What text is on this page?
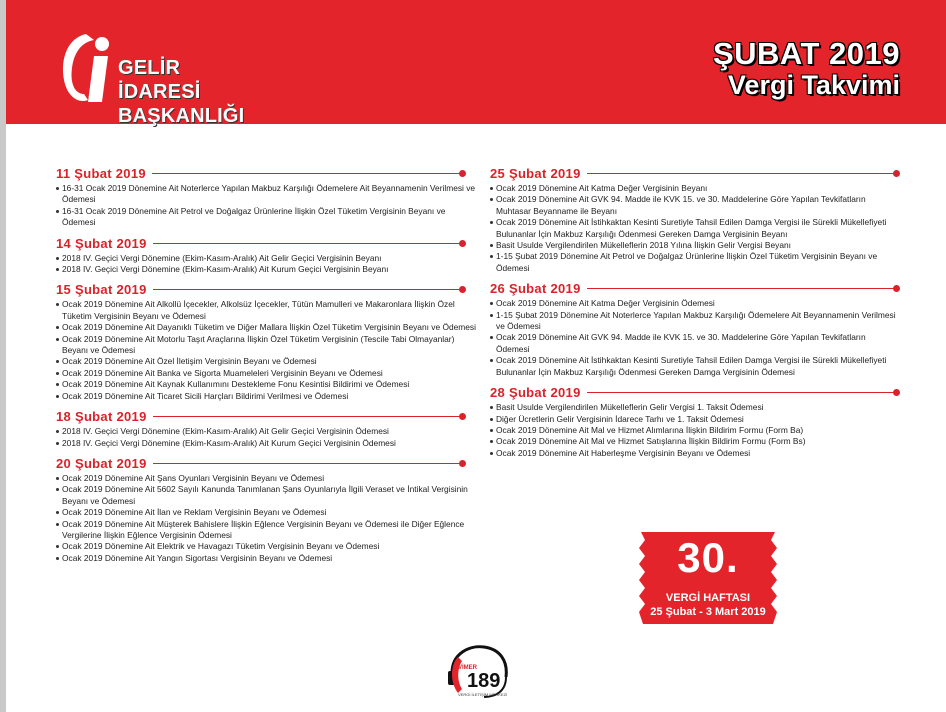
GELİR İDARESİ
BAŞKANLIĞI
ŞUBAT 2019
Vergi Takvimi
11 Şubat 2019
16-31 Ocak 2019 Dönemine Ait Noterlerce Yapılan Makbuz Karşılığı Ödemelere Ait Beyannamenin Verilmesi ve Ödemesi
16-31 Ocak 2019 Dönemine Ait Petrol ve Doğalgaz Ürünlerine İlişkin Özel Tüketim Vergisinin Beyanı ve Ödemesi
14 Şubat 2019
2018 IV. Geçici Vergi Dönemine (Ekim-Kasım-Aralık) Ait Gelir Geçici Vergisinin Beyanı
2018 IV. Geçici Vergi Dönemine (Ekim-Kasım-Aralık) Ait Kurum Geçici Vergisinin Beyanı
15 Şubat 2019
Ocak 2019 Dönemine Ait Alkollü İçecekler, Alkolsüz İçecekler, Tütün Mamulleri ve Makaronlara İlişkin Özel Tüketim Vergisinin Beyanı ve Ödemesi
Ocak 2019 Dönemine Ait Dayanıklı Tüketim ve Diğer Mallara İlişkin Özel Tüketim Vergisinin Beyanı ve Ödemesi
Ocak 2019 Dönemine Ait Motorlu Taşıt Araçlarına İlişkin Özel Tüketim Vergisinin (Tescile Tabi Olmayanlar) Beyanı ve Ödemesi
Ocak 2019 Dönemine Ait Özel İletişim Vergisinin Beyanı ve Ödemesi
Ocak 2019 Dönemine Ait Banka ve Sigorta Muameleleri Vergisinin Beyanı ve Ödemesi
Ocak 2019 Dönemine Ait Kaynak Kullanımını Destekleme Fonu Kesintisi Bildirimi ve Ödemesi
Ocak 2019 Dönemine Ait Ticaret Sicili Harçları Bildirimi Verilmesi ve Ödemesi
18 Şubat 2019
2018 IV. Geçici Vergi Dönemine (Ekim-Kasım-Aralık) Ait Gelir Geçici Vergisinin Ödemesi
2018 IV. Geçici Vergi Dönemine (Ekim-Kasım-Aralık) Ait Kurum Geçici Vergisinin Ödemesi
20 Şubat 2019
Ocak 2019 Dönemine Ait Şans Oyunları Vergisinin Beyanı ve Ödemesi
Ocak 2019 Dönemine Ait 5602 Sayılı Kanunda Tanımlanan Şans Oyunlarıyla İlgili Veraset ve İntikal Vergisinin Beyanı ve Ödemesi
Ocak 2019 Dönemine Ait İlan ve Reklam Vergisinin Beyanı ve Ödemesi
Ocak 2019 Dönemine Ait Müşterek Bahislere İlişkin Eğlence Vergisinin Beyanı ve Ödemesi ile Diğer Eğlence Vergilerine İlişkin Eğlence Vergisinin Ödemesi
Ocak 2019 Dönemine Ait Elektrik ve Havagazı Tüketim Vergisinin Beyanı ve Ödemesi
Ocak 2019 Dönemine Ait Yangın Sigortası Vergisinin Beyanı ve Ödemesi
25 Şubat 2019
Ocak 2019 Dönemine Ait Katma Değer Vergisinin Beyanı
Ocak 2019 Dönemine Ait GVK 94. Madde ile KVK 15. ve 30. Maddelerine Göre Yapılan Tevkifatların Muhtasar Beyanname ile Beyanı
Ocak 2019 Dönemine Ait İstihkaktan Kesinti Suretiyle Tahsil Edilen Damga Vergisi ile Sürekli Mükellefiyeti Bulunanlar İçin Makbuz Karşılığı Ödenmesi Gereken Damga Vergisinin Beyanı
Basit Usulde Vergilendirilen Mükelleflerin 2018 Yılına İlişkin Gelir Vergisi Beyanı
1-15 Şubat 2019 Dönemine Ait Petrol ve Doğalgaz Ürünlerine İlişkin Özel Tüketim Vergisinin Beyanı ve Ödemesi
26 Şubat 2019
Ocak 2019 Dönemine Ait Katma Değer Vergisinin Ödemesi
1-15 Şubat 2019 Dönemine Ait Noterlerce Yapılan Makbuz Karşılığı Ödemelere Ait Beyannamenin Verilmesi ve Ödemesi
Ocak 2019 Dönemine Ait GVK 94. Madde ile KVK 15. ve 30. Maddelerine Göre Yapılan Tevkifatların Ödemesi
Ocak 2019 Dönemine Ait İstihkaktan Kesinti Suretiyle Tahsil Edilen Damga Vergisi ile Sürekli Mükellefiyeti Bulunanlar İçin Makbuz Karşılığı Ödenmesi Gereken Damga Vergisinin Ödemesi
28 Şubat 2019
Basit Usulde Vergilendirilen Mükelleflerin Gelir Vergisi 1. Taksit Ödemesi
Diğer Ücretlerin Gelir Vergisinin İdarece Tarhı ve 1. Taksit Ödemesi
Ocak 2019 Dönemine Ait Mal ve Hizmet Alımlarına İlişkin Bildirim Formu (Form Ba)
Ocak 2019 Dönemine Ait Mal ve Hizmet Satışlarına İlişkin Bildirim Formu (Form Bs)
Ocak 2019 Dönemine Ait Haberleşme Vergisinin Beyanı ve Ödemesi
30.
VERGİ HAFTASI
25 Şubat - 3 Mart 2019
VİMER
189
VERGİ İLETİŞİM MERKEZİ
